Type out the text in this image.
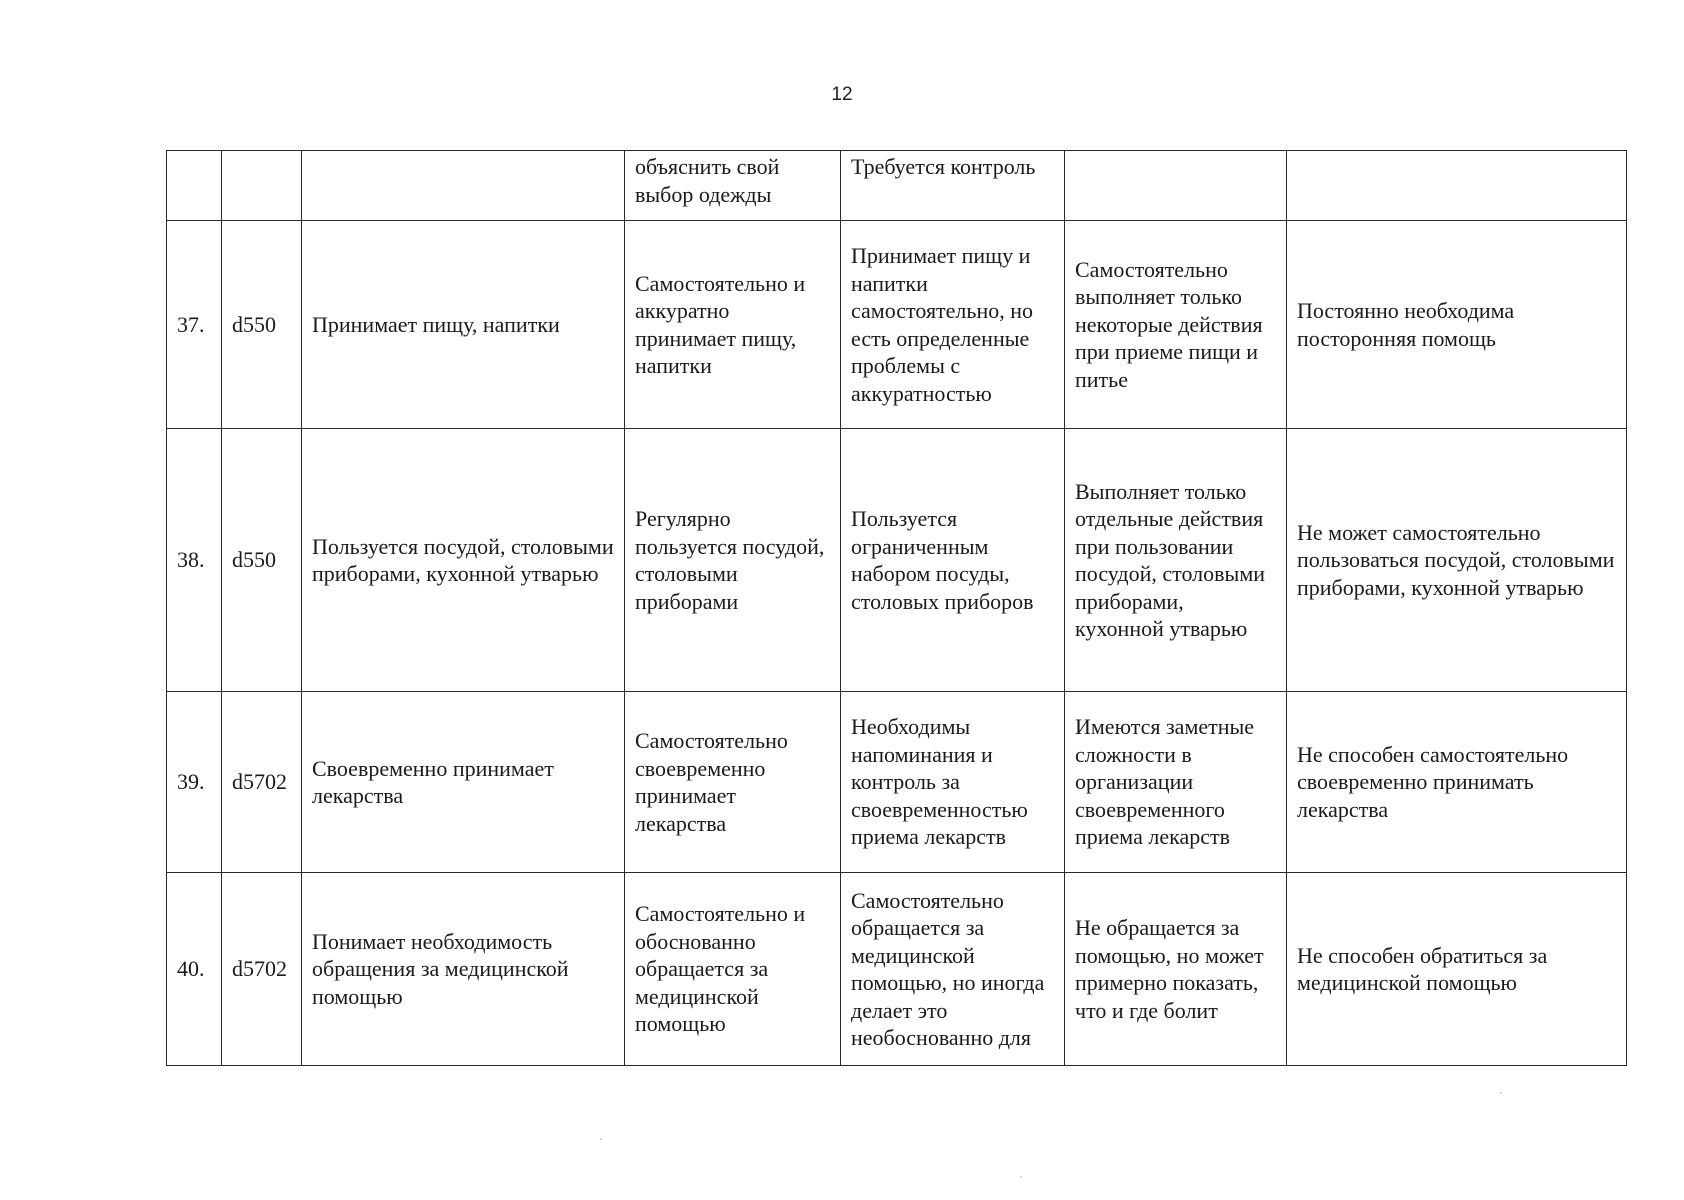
12
			объяснить свой выбор одежды	Требуется контроль		
37.	d550	Принимает пищу, напитки	Самостоятельно и аккуратно принимает пищу, напитки	Принимает пищу и напитки самостоятельно, но есть определенные проблемы с аккуратностью	Самостоятельно выполняет только некоторые действия при приеме пищи и питье	Постоянно необходима посторонняя помощь
38.	d550	Пользуется посудой, столовыми приборами, кухонной утварью	Регулярно пользуется посудой, столовыми приборами	Пользуется ограниченным набором посуды, столовых приборов	Выполняет только отдельные действия при пользовании посудой, столовыми приборами, кухонной утварью	Не может самостоятельно пользоваться посудой, столовыми приборами, кухонной утварью
39.	d5702	Своевременно принимает лекарства	Самостоятельно своевременно принимает лекарства	Необходимы напоминания и контроль за своевременностью приема лекарств	Имеются заметные сложности в организации своевременного приема лекарств	Не способен самостоятельно своевременно принимать лекарства
40.	d5702	Понимает необходимость обращения за медицинской помощью	Самостоятельно и обоснованно обращается за медицинской помощью	Самостоятельно обращается за медицинской помощью, но иногда делает это необоснованно для	Не обращается за помощью, но может примерно показать, что и где болит	Не способен обратиться за медицинской помощью
